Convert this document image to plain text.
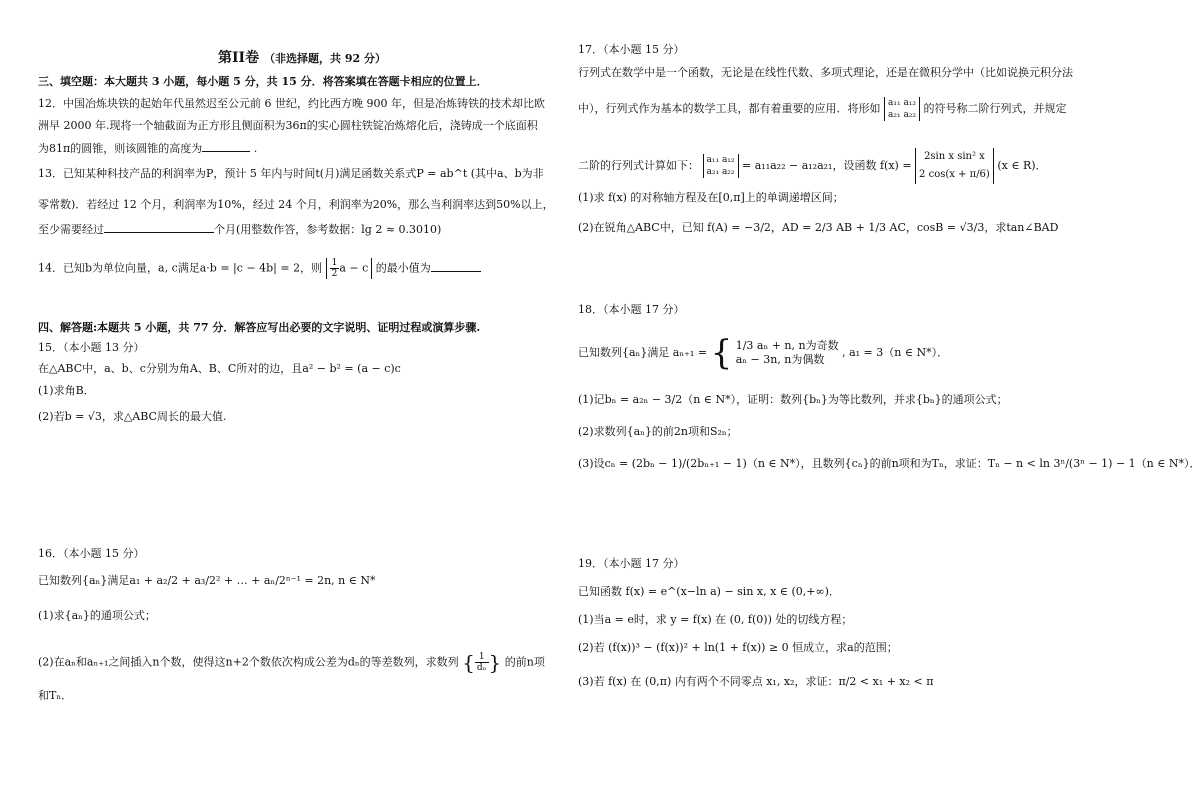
第II卷 （非选择题，共 92 分）
三、填空题：本大题共 3 小题，每小题 5 分，共 15 分．将答案填在答题卡相应的位置上．
12．中国冶炼块铁的起始年代虽然迟至公元前 6 世纪，约比西方晚 900 年，但是冶炼铸铁的技术却比欧
洲早 2000 年.现将一个轴截面为正方形且侧面积为36π的实心圆柱铁锭冶炼熔化后，浇铸成一个底面积
为81π的圆锥，则该圆锥的高度为	.
13．已知某种科技产品的利润率为P，预计 5 年内与时间t(月)满足函数关系式P = ab^t (其中a、b为非
零常数)．若经过 12 个月，利润率为10%，经过 24 个月，利润率为20%，那么当利润率达到50%以上，
至少需要经过	个月(用整数作答，参考数据：lg 2 ≈ 0.3010)
14．已知b为单位向量，a, c满足a·b = |c − 4b| = 2，则 $\frac{1}{2}$ a − c 的最小值为
四、解答题:本题共 5 小题，共 77 分．解答应写出必要的文字说明、证明过程或演算步骤.
15．（本小题 13 分）
在△ABC中，a、b、c分别为角A、B、C所对的边，且a² − b² = (a − c)c
(1)求角B．
(2)若b = √3，求△ABC周长的最大值.
16．（本小题 15 分）
已知数列{aₙ}满足a₁ + a₂/2 + a₃/2² + … + aₙ/2ⁿ⁻¹ = 2n, n ∈ N*
(1)求{aₙ}的通项公式；
(2)在aₙ和aₙ₊₁之间插入n个数，使得这n+2个数依次构成公差为dₙ的等差数列，求数列 { $\frac{1}{\text{dₙ}}$ } 的前n项
和Tₙ．
17．（本小题 15 分）
行列式在数学中是一个函数，无论是在线性代数、多项式理论，还是在微积分学中（比如说换元积分法
中），行列式作为基本的数学工具，都有着重要的应用．将形如 a₁₁ a₁₂
a₂₁ a₂₂ 的符号称二阶行列式，并规定
二阶的行列式计算如下： a₁₁ a₁₂
a₂₁ a₂₂ = a₁₁a₂₂ − a₁₂a₂₁，设函数 f(x) =
2sin x sin² x
2 cos(x + π/6)
(x ∈ R)．
(1)求 f(x) 的对称轴方程及在[0,π]上的单调递增区间；
(2)在锐角△ABC中，已知 f(A) = −3/2，AD = 2/3 AB + 1/3 AC，cosB = √3/3，求tan∠BAD
18．（本小题 17 分）
已知数列{aₙ}满足 aₙ₊₁ = { 1/3 aₙ + n, n为奇数
aₙ − 3n, n为偶数
, a₁ = 3（n ∈ N*）．
(1)记bₙ = a₂ₙ − 3/2（n ∈ N*），证明：数列{bₙ}为等比数列，并求{bₙ}的通项公式；
(2)求数列{aₙ}的前2n项和S₂ₙ；
(3)设cₙ = (2bₙ − 1)/(2bₙ₊₁ − 1)（n ∈ N*），且数列{cₙ}的前n项和为Tₙ，求证：Tₙ − n < ln 3ⁿ/(3ⁿ − 1) − 1（n ∈ N*）．
19．（本小题 17 分）
已知函数 f(x) = e^(x−ln a) − sin x, x ∈ (0,+∞)．
(1)当a = e时，求 y = f(x) 在 (0, f(0)) 处的切线方程；
(2)若 (f(x))³ − (f(x))² + ln(1 + f(x)) ≥ 0 恒成立，求a的范围；
(3)若 f(x) 在 (0,π) 内有两个不同零点 x₁, x₂，求证：π/2 < x₁ + x₂ < π
